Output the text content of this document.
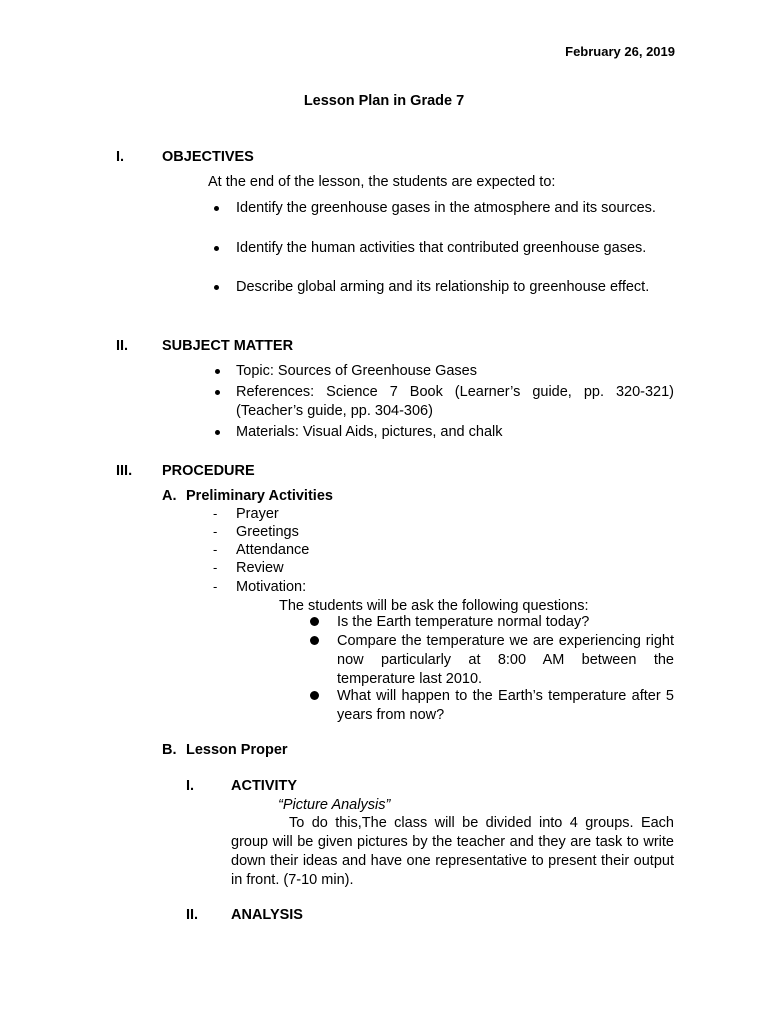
February 26, 2019
Lesson Plan in Grade 7
I.	OBJECTIVES
At the end of the lesson, the students are expected to:
Identify the greenhouse gases in the atmosphere and its sources.
Identify the human activities that contributed greenhouse gases.
Describe global arming and its relationship to greenhouse effect.
II. SUBJECT MATTER
Topic: Sources of Greenhouse Gases
References: Science 7 Book (Learner’s guide, pp. 320-321) (Teacher’s guide, pp. 304-306)
Materials: Visual Aids, pictures, and chalk
III. PROCEDURE
A. Preliminary Activities
- Prayer
- Greetings
- Attendance
- Review
- Motivation:
The students will be ask the following questions:
Is the Earth temperature normal today?
Compare the temperature we are experiencing right now particularly at 8:00 AM between the temperature last 2010.
What will happen to the Earth’s temperature after 5 years from now?
B. Lesson Proper
I.	ACTIVITY
“Picture Analysis”
To do this,The class will be divided into 4 groups. Each group will be given pictures by the teacher and they are task to write down their ideas and have one representative to present their output in front. (7-10 min).
II. ANALYSIS
